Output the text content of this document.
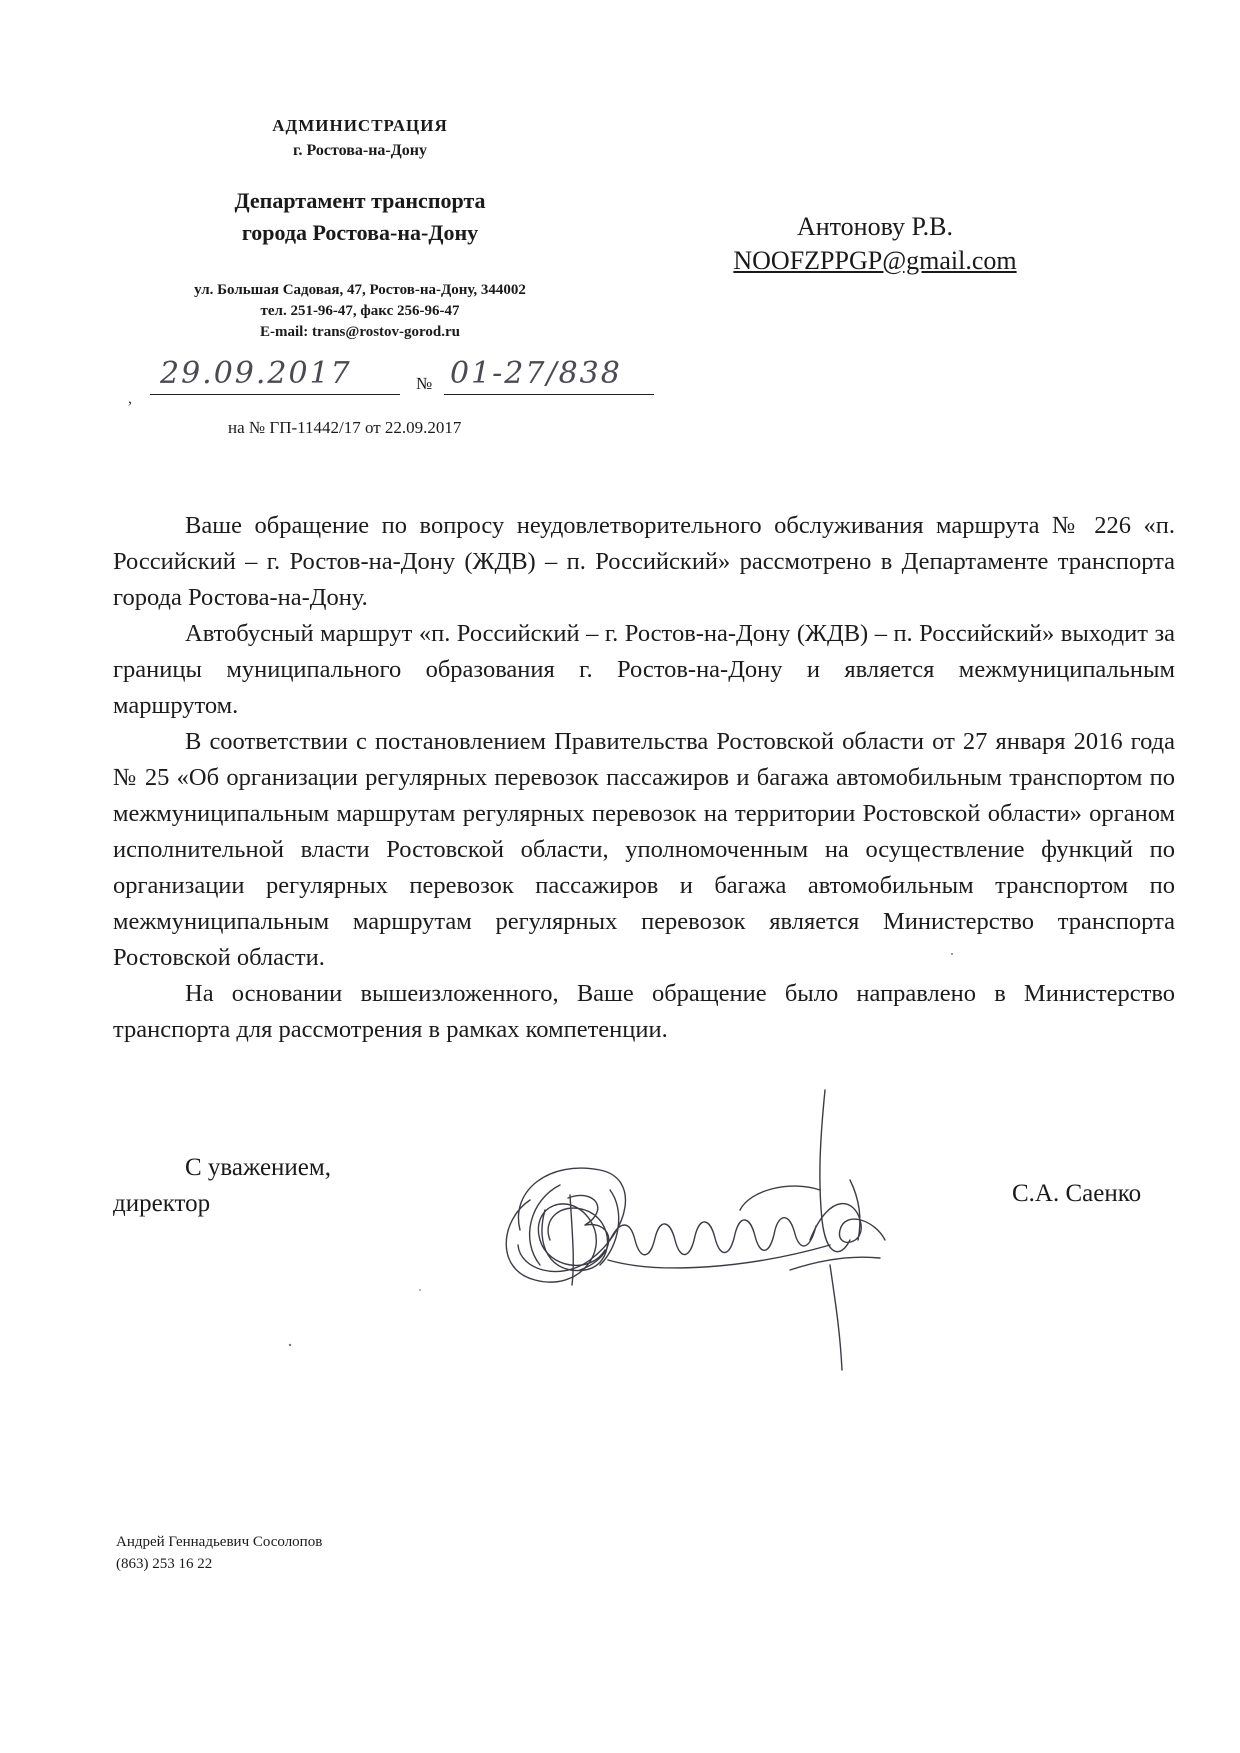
АДМИНИСТРАЦИЯ
г. Ростова-на-Дону
Департамент транспорта
города Ростова-на-Дону
ул. Большая Садовая, 47, Ростов-на-Дону, 344002
тел. 251-96-47, факс 256-96-47
E-mail: trans@rostov-gorod.ru
,
29.09.2017	№ 01-27/838
на № ГП-11442/17 от 22.09.2017
Антонову Р.В.
NOOFZPPGP@gmail.com

Ваше обращение по вопросу неудовлетворительного обслуживания маршрута № 226 «п. Российский – г. Ростов-на-Дону (ЖДВ) – п. Российский» рассмотрено в Департаменте транспорта города Ростова-на-Дону.

Автобусный маршрут «п. Российский – г. Ростов-на-Дону (ЖДВ) – п. Российский» выходит за границы муниципального образования г. Ростов-на-Дону и является межмуниципальным маршрутом.

В соответствии с постановлением Правительства Ростовской области от 27 января 2016 года № 25 «Об организации регулярных перевозок пассажиров и багажа автомобильным транспортом по межмуниципальным маршрутам регулярных перевозок на территории Ростовской области» органом исполнительной власти Ростовской области, уполномоченным на осуществление функций по организации регулярных перевозок пассажиров и багажа автомобильным транспортом по межмуниципальным маршрутам регулярных перевозок является Министерство транспорта Ростовской области.

На основании вышеизложенного, Ваше обращение было направлено в Министерство транспорта для рассмотрения в рамках компетенции.

С уважением,
директор	С.А. Саенко
Андрей Геннадьевич Сосолопов
(863) 253 16 22
